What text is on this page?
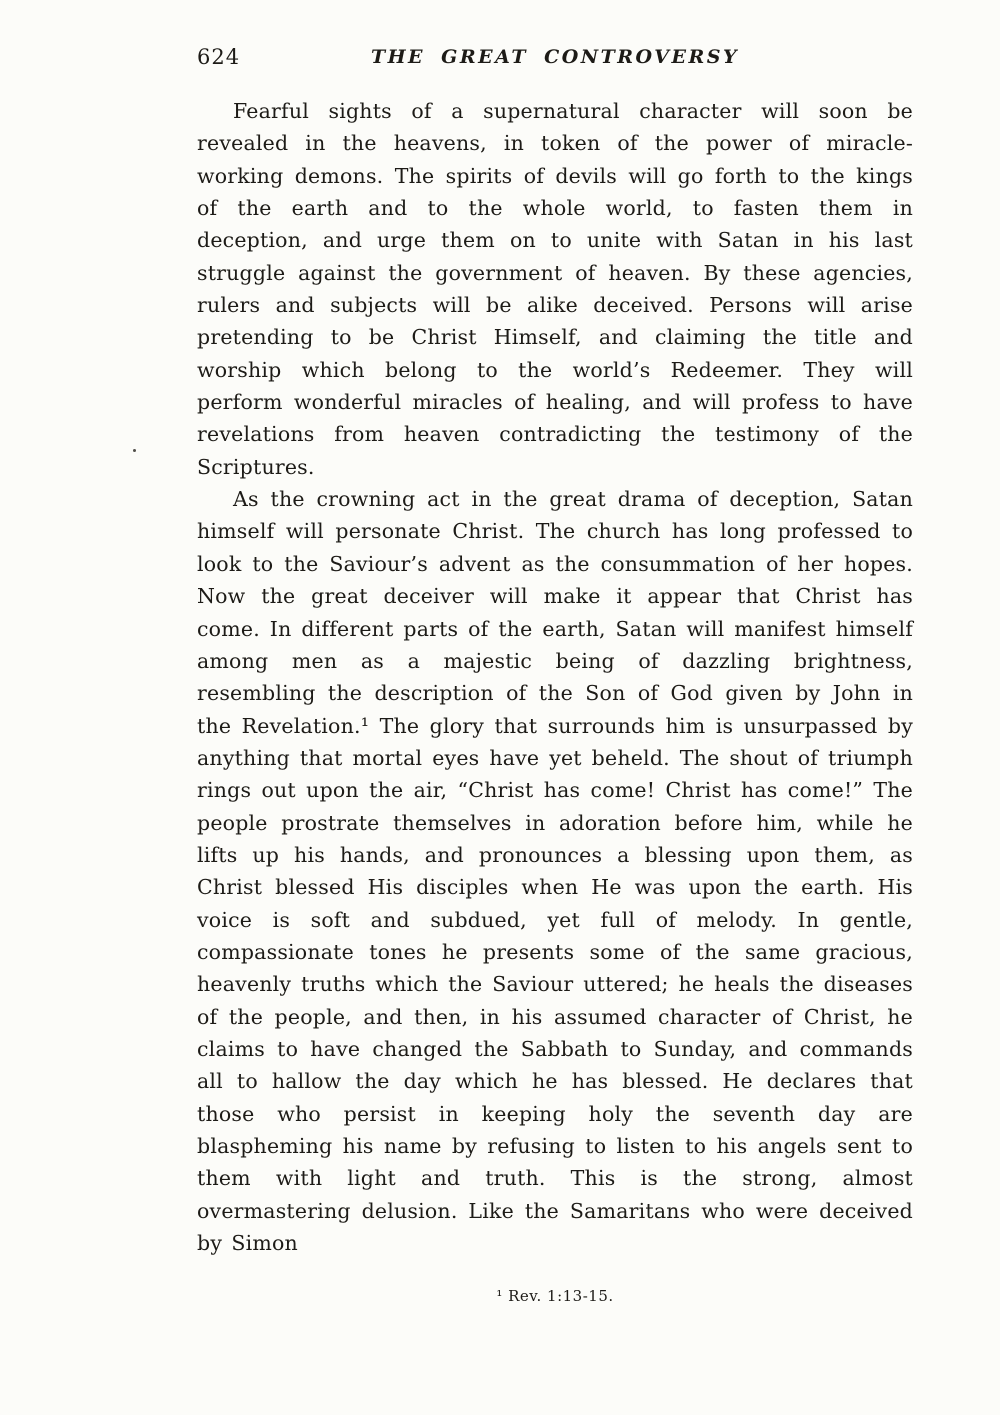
624	THE GREAT CONTROVERSY

Fearful sights of a supernatural character will soon be revealed in the heavens, in token of the power of miracle-working demons. The spirits of devils will go forth to the kings of the earth and to the whole world, to fasten them in deception, and urge them on to unite with Satan in his last struggle against the government of heaven. By these agencies, rulers and subjects will be alike deceived. Persons will arise pretending to be Christ Himself, and claiming the title and worship which belong to the world’s Redeemer. They will perform wonderful miracles of healing, and will profess to have revelations from heaven contradicting the testimony of the Scriptures.

As the crowning act in the great drama of deception, Satan himself will personate Christ. The church has long professed to look to the Saviour’s advent as the consummation of her hopes. Now the great deceiver will make it appear that Christ has come. In different parts of the earth, Satan will manifest himself among men as a majestic being of dazzling brightness, resembling the description of the Son of God given by John in the Revelation.¹ The glory that surrounds him is unsurpassed by anything that mortal eyes have yet beheld. The shout of triumph rings out upon the air, “Christ has come! Christ has come!” The people prostrate themselves in adoration before him, while he lifts up his hands, and pronounces a blessing upon them, as Christ blessed His disciples when He was upon the earth. His voice is soft and subdued, yet full of melody. In gentle, compassionate tones he presents some of the same gracious, heavenly truths which the Saviour uttered; he heals the diseases of the people, and then, in his assumed character of Christ, he claims to have changed the Sabbath to Sunday, and commands all to hallow the day which he has blessed. He declares that those who persist in keeping holy the seventh day are blaspheming his name by refusing to listen to his angels sent to them with light and truth. This is the strong, almost overmastering delusion. Like the Samaritans who were deceived by Simon

¹ Rev. 1:13-15.
